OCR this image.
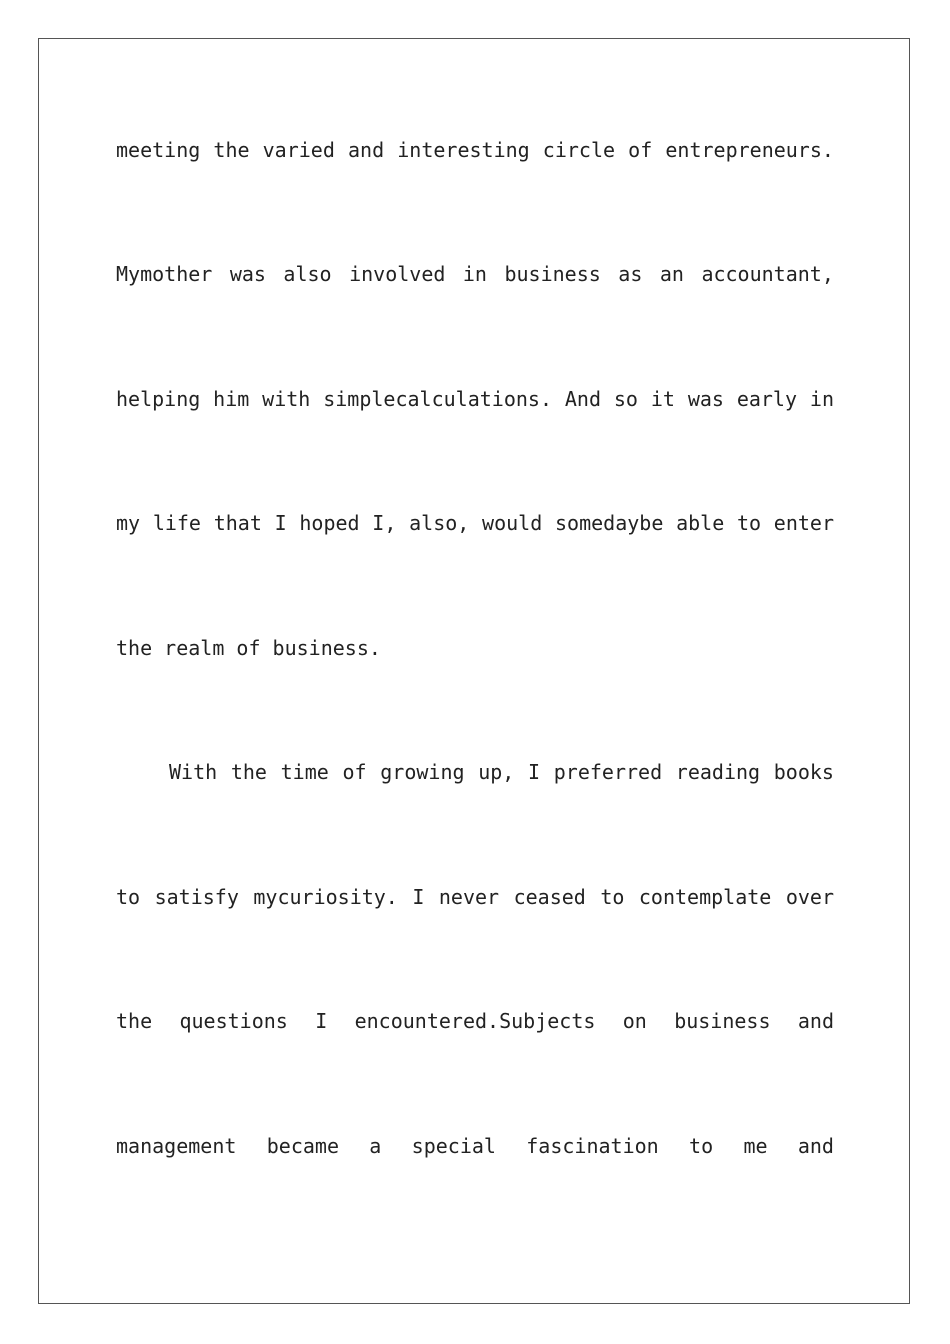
meeting the varied and interesting circle of entrepreneurs.
Mymother was also involved in business as an accountant,
helping him with simplecalculations. And so it was early in
my life that I hoped I, also, would somedaybe able to enter
the realm of business.
With the time of growing up, I preferred reading books
to satisfy mycuriosity. I never ceased to contemplate over
the questions I encountered.Subjects on business and
management became a special fascination to me and
